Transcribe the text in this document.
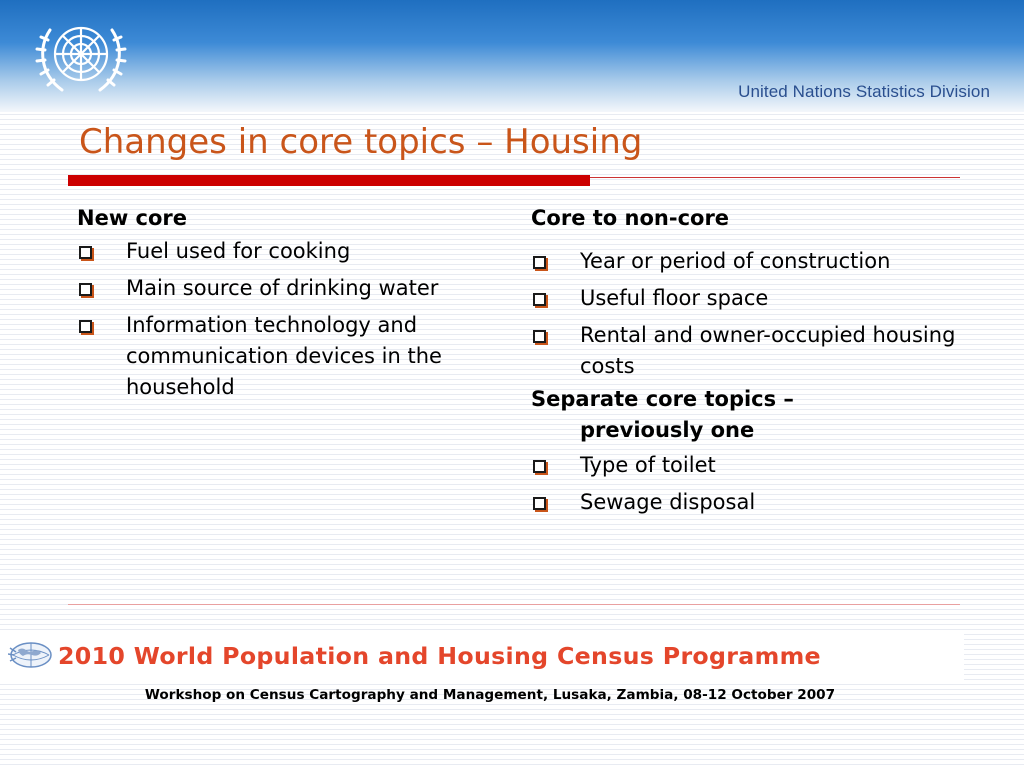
United Nations Statistics Division
Changes in core topics – Housing
New core
Fuel used for cooking
Main source of drinking water
Information technology and communication devices in the household
Core to non-core
Year or period of construction
Useful floor space
Rental and owner-occupied housing costs
Separate core topics –
previously one
Type of toilet
Sewage disposal
2010 World Population and Housing Census Programme
Workshop on Census Cartography and Management, Lusaka, Zambia, 08-12 October 2007
